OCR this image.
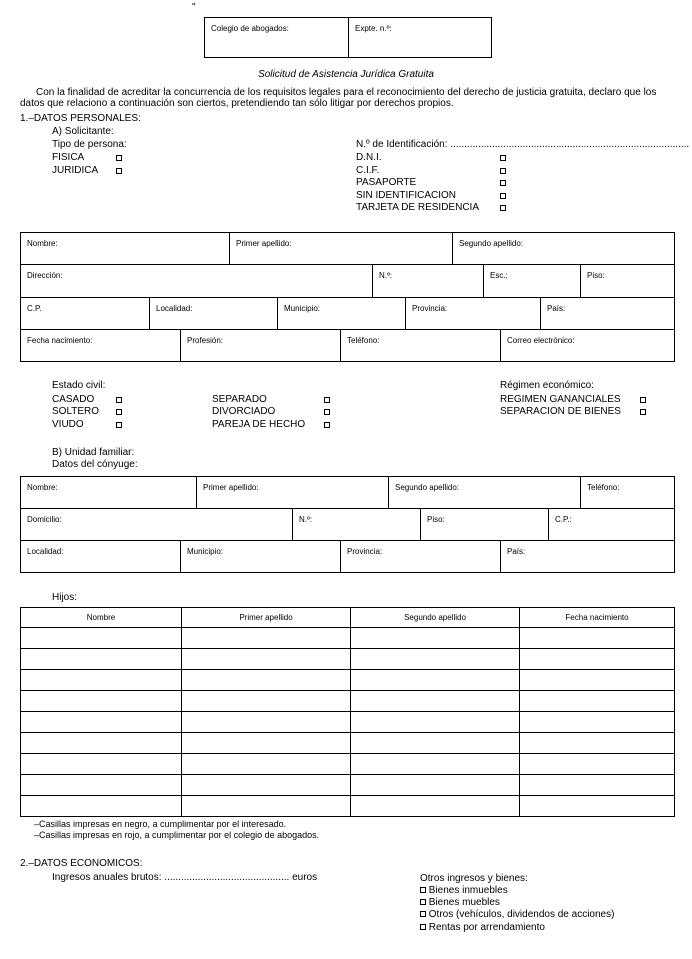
"
Colegio de abogados:	Expte. n.º:
Solicitud de Asistencia Jurídica Gratuita
Con la finalidad de acreditar la concurrencia de los requisitos legales para el reconocimiento del derecho de justicia gratuita, declaro que los
datos que relaciono a continuación son ciertos, pretendiendo tan sólo litigar por derechos propios.
1.–DATOS PERSONALES:
A) Solicitante:
Tipo de persona:
FISICA
JURIDICA
N.º de Identificación: ......................................................................................
D.N.I.
C.I.F.
PASAPORTE
SIN IDENTIFICACION
TARJETA DE RESIDENCIA
Nombre:	Primer apellido:	Segundo apellido:
Dirección:	N.º:	Esc.:	Piso:
C.P.	Localidad:	Municipio:	Provincia:	País:
Fecha nacimiento:	Profesión:	Teléfono:	Correo electrónico:
Estado civil:
CASADO
SOLTERO
VIUDO
SEPARADO
DIVORCIADO
PAREJA DE HECHO
Régimen económico:
REGIMEN GANANCIALES
SEPARACION DE BIENES
B) Unidad familiar:
Datos del cónyuge:
Nombre:	Primer apellido:	Segundo apellido:	Teléfono:
Domicilio:	N.º:	Piso:	C.P.:
Localidad:	Municipio:	Provincia:	País:
Hijos:
Nombre	Primer apellido	Segundo apellido	Fecha nacimiento

–Casillas impresas en negro, a cumplimentar por el interesado.
–Casillas impresas en rojo, a cumplimentar por el colegio de abogados.
2.–DATOS ECONOMICOS:
Ingresos anuales brutos: ............................................. euros	Otros ingresos y bienes:
Bienes inmuebles
Bienes muebles
Otros (vehículos, dividendos de acciones)
Rentas por arrendamiento
